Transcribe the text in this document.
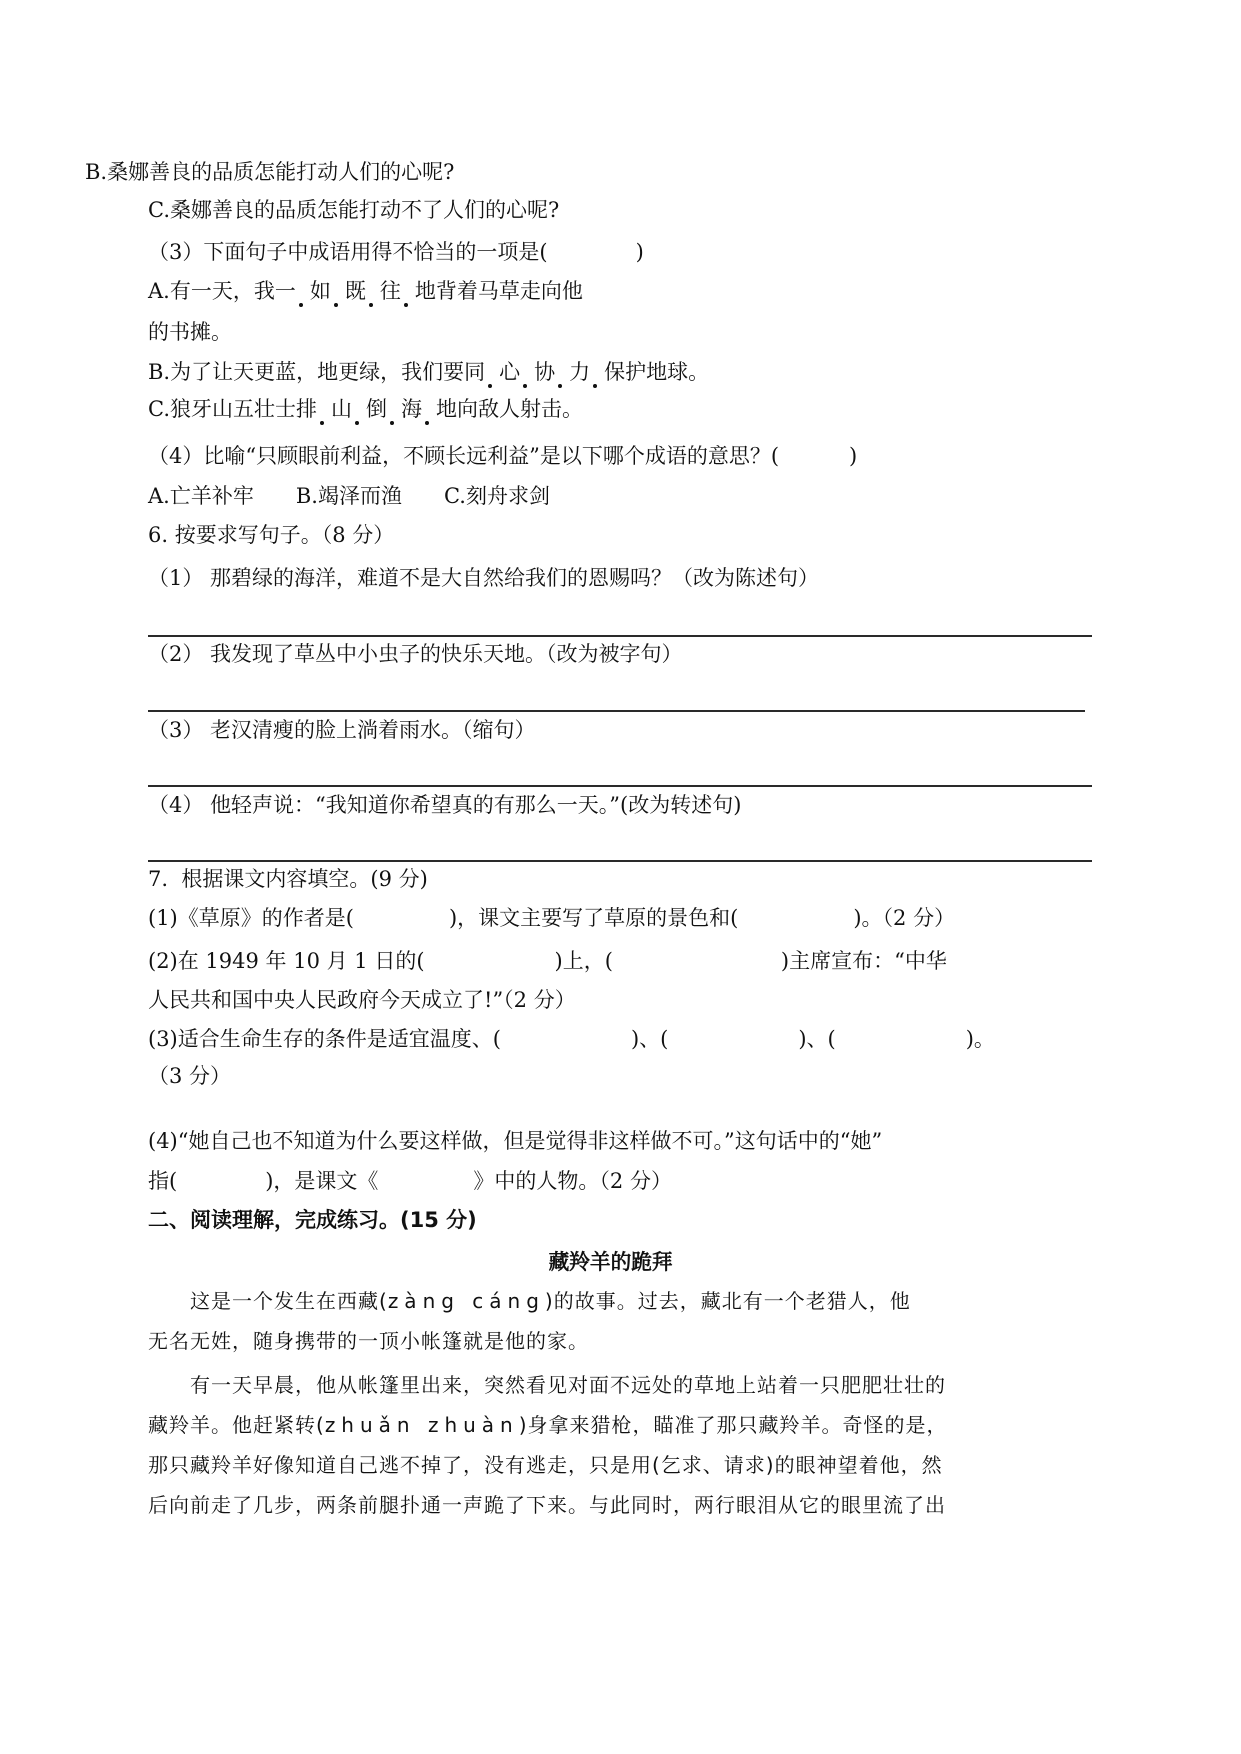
B.桑娜善良的品质怎能打动人们的心呢?
C.桑娜善良的品质怎能打动不了人们的心呢?
（3）下面句子中成语用得不恰当的一项是(	)
A.有一天，我一 如 既 往 地背着马草走向他
的书摊。
B.为了让天更蓝，地更绿，我们要同 心 协 力 保护地球。
C.狼牙山五壮士排 山 倒 海 地向敌人射击。
（4）比喻“只顾眼前利益，不顾长远利益”是以下哪个成语的意思？(	)
A.亡羊补牢 B.竭泽而渔 C.刻舟求剑
6. 按要求写句子。（8 分）
（1） 那碧绿的海洋，难道不是大自然给我们的恩赐吗？（改为陈述句）
（2） 我发现了草丛中小虫子的快乐天地。（改为被字句）
（3） 老汉清瘦的脸上淌着雨水。（缩句）
（4） 他轻声说：“我知道你希望真的有那么一天。”(改为转述句)
7.  根据课文内容填空。(9 分)
(1)《草原》的作者是(	)，课文主要写了草原的景色和(	)。（2 分）
(2)在 1949 年 10 月 1 日的(	)上，(	)主席宣布：“中华
人民共和国中央人民政府今天成立了!”（2 分）
(3)适合生命生存的条件是适宜温度、(	)、(	)、(	)。
（3 分）
(4)“她自己也不知道为什么要这样做，但是觉得非这样做不可。”这句话中的“她”
指(	)，是课文《	》中的人物。（2 分）
二、阅读理解，完成练习。(15 分)
藏羚羊的跪拜
这是一个发生在西藏(zàng cáng)的故事。过去，藏北有一个老猎人，他
无名无姓，随身携带的一顶小帐篷就是他的家。
有一天早晨，他从帐篷里出来，突然看见对面不远处的草地上站着一只肥肥壮壮的
藏羚羊。他赶紧转(zhuǎn zhuàn)身拿来猎枪，瞄准了那只藏羚羊。奇怪的是，
那只藏羚羊好像知道自己逃不掉了，没有逃走，只是用(乞求、请求)的眼神望着他，然
后向前走了几步，两条前腿扑通一声跪了下来。与此同时，两行眼泪从它的眼里流了出
